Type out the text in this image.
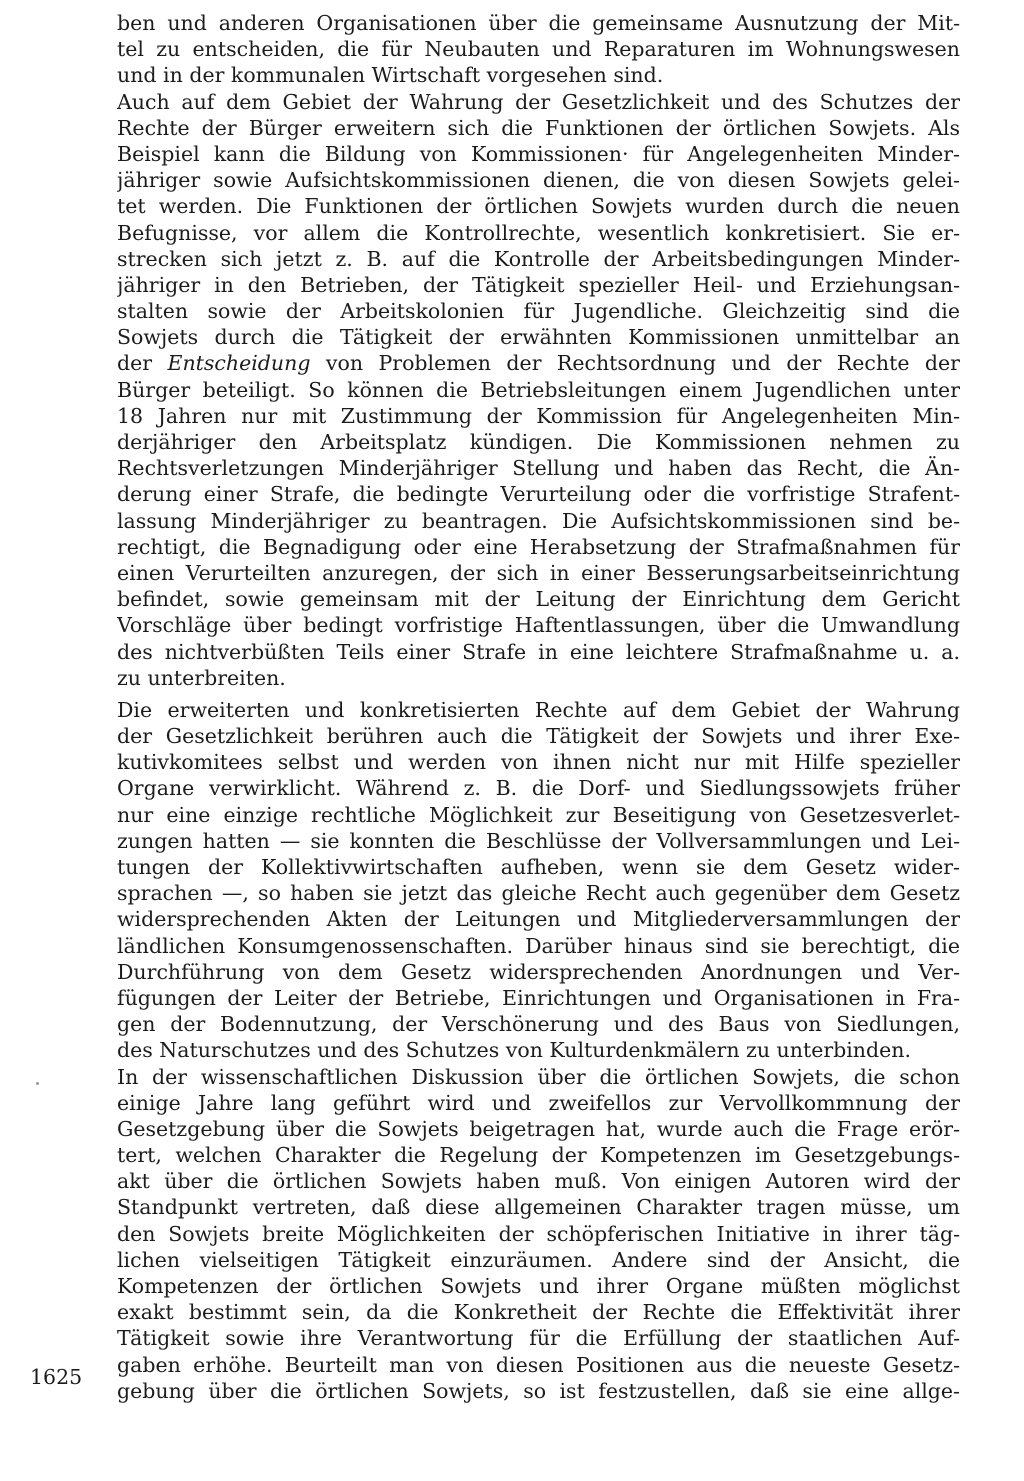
ben und anderen Organisationen über die gemeinsame Ausnutzung der Mit-
tel zu entscheiden, die für Neubauten und Reparaturen im Wohnungswesen
und in der kommunalen Wirtschaft vorgesehen sind.
Auch auf dem Gebiet der Wahrung der Gesetzlichkeit und des Schutzes der
Rechte der Bürger erweitern sich die Funktionen der örtlichen Sowjets. Als
Beispiel kann die Bildung von Kommissionen· für Angelegenheiten Minder-
jähriger sowie Aufsichtskommissionen dienen, die von diesen Sowjets gelei-
tet werden. Die Funktionen der örtlichen Sowjets wurden durch die neuen
Befugnisse, vor allem die Kontrollrechte, wesentlich konkretisiert. Sie er-
strecken sich jetzt z. B. auf die Kontrolle der Arbeitsbedingungen Minder-
jähriger in den Betrieben, der Tätigkeit spezieller Heil- und Erziehungsan-
stalten sowie der Arbeitskolonien für Jugendliche. Gleichzeitig sind die
Sowjets durch die Tätigkeit der erwähnten Kommissionen unmittelbar an
der Entscheidung von Problemen der Rechtsordnung und der Rechte der
Bürger beteiligt. So können die Betriebsleitungen einem Jugendlichen unter
18 Jahren nur mit Zustimmung der Kommission für Angelegenheiten Min-
derjähriger den Arbeitsplatz kündigen. Die Kommissionen nehmen zu
Rechtsverletzungen Minderjähriger Stellung und haben das Recht, die Än-
derung einer Strafe, die bedingte Verurteilung oder die vorfristige Strafent-
lassung Minderjähriger zu beantragen. Die Aufsichtskommissionen sind be-
rechtigt, die Begnadigung oder eine Herabsetzung der Strafmaßnahmen für
einen Verurteilten anzuregen, der sich in einer Besserungsarbeitseinrichtung
befindet, sowie gemeinsam mit der Leitung der Einrichtung dem Gericht
Vorschläge über bedingt vorfristige Haftentlassungen, über die Umwandlung
des nichtverbüßten Teils einer Strafe in eine leichtere Strafmaßnahme u. a.
zu unterbreiten.
Die erweiterten und konkretisierten Rechte auf dem Gebiet der Wahrung
der Gesetzlichkeit berühren auch die Tätigkeit der Sowjets und ihrer Exe-
kutivkomitees selbst und werden von ihnen nicht nur mit Hilfe spezieller
Organe verwirklicht. Während z. B. die Dorf- und Siedlungssowjets früher
nur eine einzige rechtliche Möglichkeit zur Beseitigung von Gesetzesverlet-
zungen hatten — sie konnten die Beschlüsse der Vollversammlungen und Lei-
tungen der Kollektivwirtschaften aufheben, wenn sie dem Gesetz wider-
sprachen —, so haben sie jetzt das gleiche Recht auch gegenüber dem Gesetz
widersprechenden Akten der Leitungen und Mitgliederversammlungen der
ländlichen Konsumgenossenschaften. Darüber hinaus sind sie berechtigt, die
Durchführung von dem Gesetz widersprechenden Anordnungen und Ver-
fügungen der Leiter der Betriebe, Einrichtungen und Organisationen in Fra-
gen der Bodennutzung, der Verschönerung und des Baus von Siedlungen,
des Naturschutzes und des Schutzes von Kulturdenkmälern zu unterbinden.
In der wissenschaftlichen Diskussion über die örtlichen Sowjets, die schon
einige Jahre lang geführt wird und zweifellos zur Vervollkommnung der
Gesetzgebung über die Sowjets beigetragen hat, wurde auch die Frage erör-
tert, welchen Charakter die Regelung der Kompetenzen im Gesetzgebungs-
akt über die örtlichen Sowjets haben muß. Von einigen Autoren wird der
Standpunkt vertreten, daß diese allgemeinen Charakter tragen müsse, um
den Sowjets breite Möglichkeiten der schöpferischen Initiative in ihrer täg-
lichen vielseitigen Tätigkeit einzuräumen. Andere sind der Ansicht, die
Kompetenzen der örtlichen Sowjets und ihrer Organe müßten möglichst
exakt bestimmt sein, da die Konkretheit der Rechte die Effektivität ihrer
Tätigkeit sowie ihre Verantwortung für die Erfüllung der staatlichen Auf-
gaben erhöhe. Beurteilt man von diesen Positionen aus die neueste Gesetz-
gebung über die örtlichen Sowjets, so ist festzustellen, daß sie eine allge-
1625
